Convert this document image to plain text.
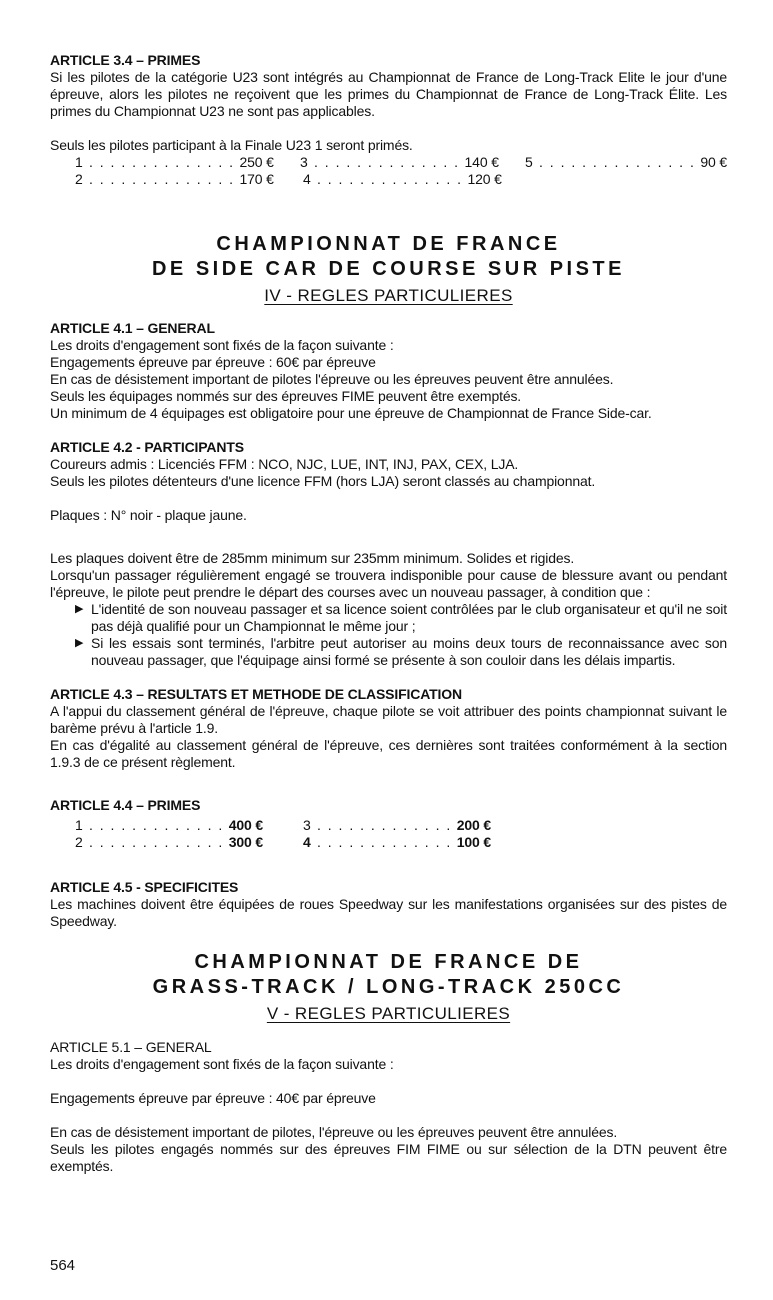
ARTICLE 3.4 – PRIMES

Si les pilotes de la catégorie U23 sont intégrés au Championnat de France de Long-Track Elite le jour d'une épreuve, alors les pilotes ne reçoivent que les primes du Championnat de France de Long-Track Élite. Les primes du Championnat U23 ne sont pas applicables.

Seuls les pilotes participant à la Finale U23 1 seront primés.

1 . . . . . . . . . . . . . . 250 €	3 . . . . . . . . . . . . . . 140 €	5 . . . . . . . . . . . . . . . 90 €
2 . . . . . . . . . . . . . . 170 €	4 . . . . . . . . . . . . . . 120 €
CHAMPIONNAT DE FRANCE
DE SIDE CAR DE COURSE SUR PISTE
IV - REGLES PARTICULIERES
ARTICLE 4.1 – GENERAL

Les droits d'engagement sont fixés de la façon suivante :

Engagements épreuve par épreuve : 60€ par épreuve

En cas de désistement important de pilotes l'épreuve ou les épreuves peuvent être annulées.

Seuls les équipages nommés sur des épreuves FIME peuvent être exemptés.

Un minimum de 4 équipages est obligatoire pour une épreuve de Championnat de France Side-car.

ARTICLE 4.2 - PARTICIPANTS

Coureurs admis : Licenciés FFM : NCO, NJC, LUE, INT, INJ, PAX, CEX, LJA.

Seuls les pilotes détenteurs d'une licence FFM (hors LJA) seront classés au championnat.

Plaques : N° noir - plaque jaune.

Les plaques doivent être de 285mm minimum sur 235mm minimum. Solides et rigides.

Lorsqu'un passager régulièrement engagé se trouvera indisponible pour cause de blessure avant ou pendant l'épreuve, le pilote peut prendre le départ des courses avec un nouveau passager, à condition que :

▶ L'identité de son nouveau passager et sa licence soient contrôlées par le club organisateur et qu'il ne soit pas déjà qualifié pour un Championnat le même jour ;
▶ Si les essais sont terminés, l'arbitre peut autoriser au moins deux tours de reconnaissance avec son nouveau passager, que l'équipage ainsi formé se présente à son couloir dans les délais impartis.
ARTICLE 4.3 – RESULTATS ET METHODE DE CLASSIFICATION

A l'appui du classement général de l'épreuve, chaque pilote se voit attribuer des points championnat suivant le barème prévu à l'article 1.9.

En cas d'égalité au classement général de l'épreuve, ces dernières sont traitées conformément à la section 1.9.3 de ce présent règlement.

ARTICLE 4.4 – PRIMES
1 . . . . . . . . . . . . . 400 €	3 . . . . . . . . . . . . . 200 €
2 . . . . . . . . . . . . . 300 €	4 . . . . . . . . . . . . . 100 €
ARTICLE 4.5 - SPECIFICITES

Les machines doivent être équipées de roues Speedway sur les manifestations organisées sur des pistes de Speedway.

CHAMPIONNAT DE FRANCE DE
GRASS-TRACK / LONG-TRACK 250CC
V - REGLES PARTICULIERES
ARTICLE 5.1 – GENERAL

Les droits d'engagement sont fixés de la façon suivante :

Engagements épreuve par épreuve : 40€ par épreuve

En cas de désistement important de pilotes, l'épreuve ou les épreuves peuvent être annulées.

Seuls les pilotes engagés nommés sur des épreuves FIM FIME ou sur sélection de la DTN peuvent être exemptés.

564
